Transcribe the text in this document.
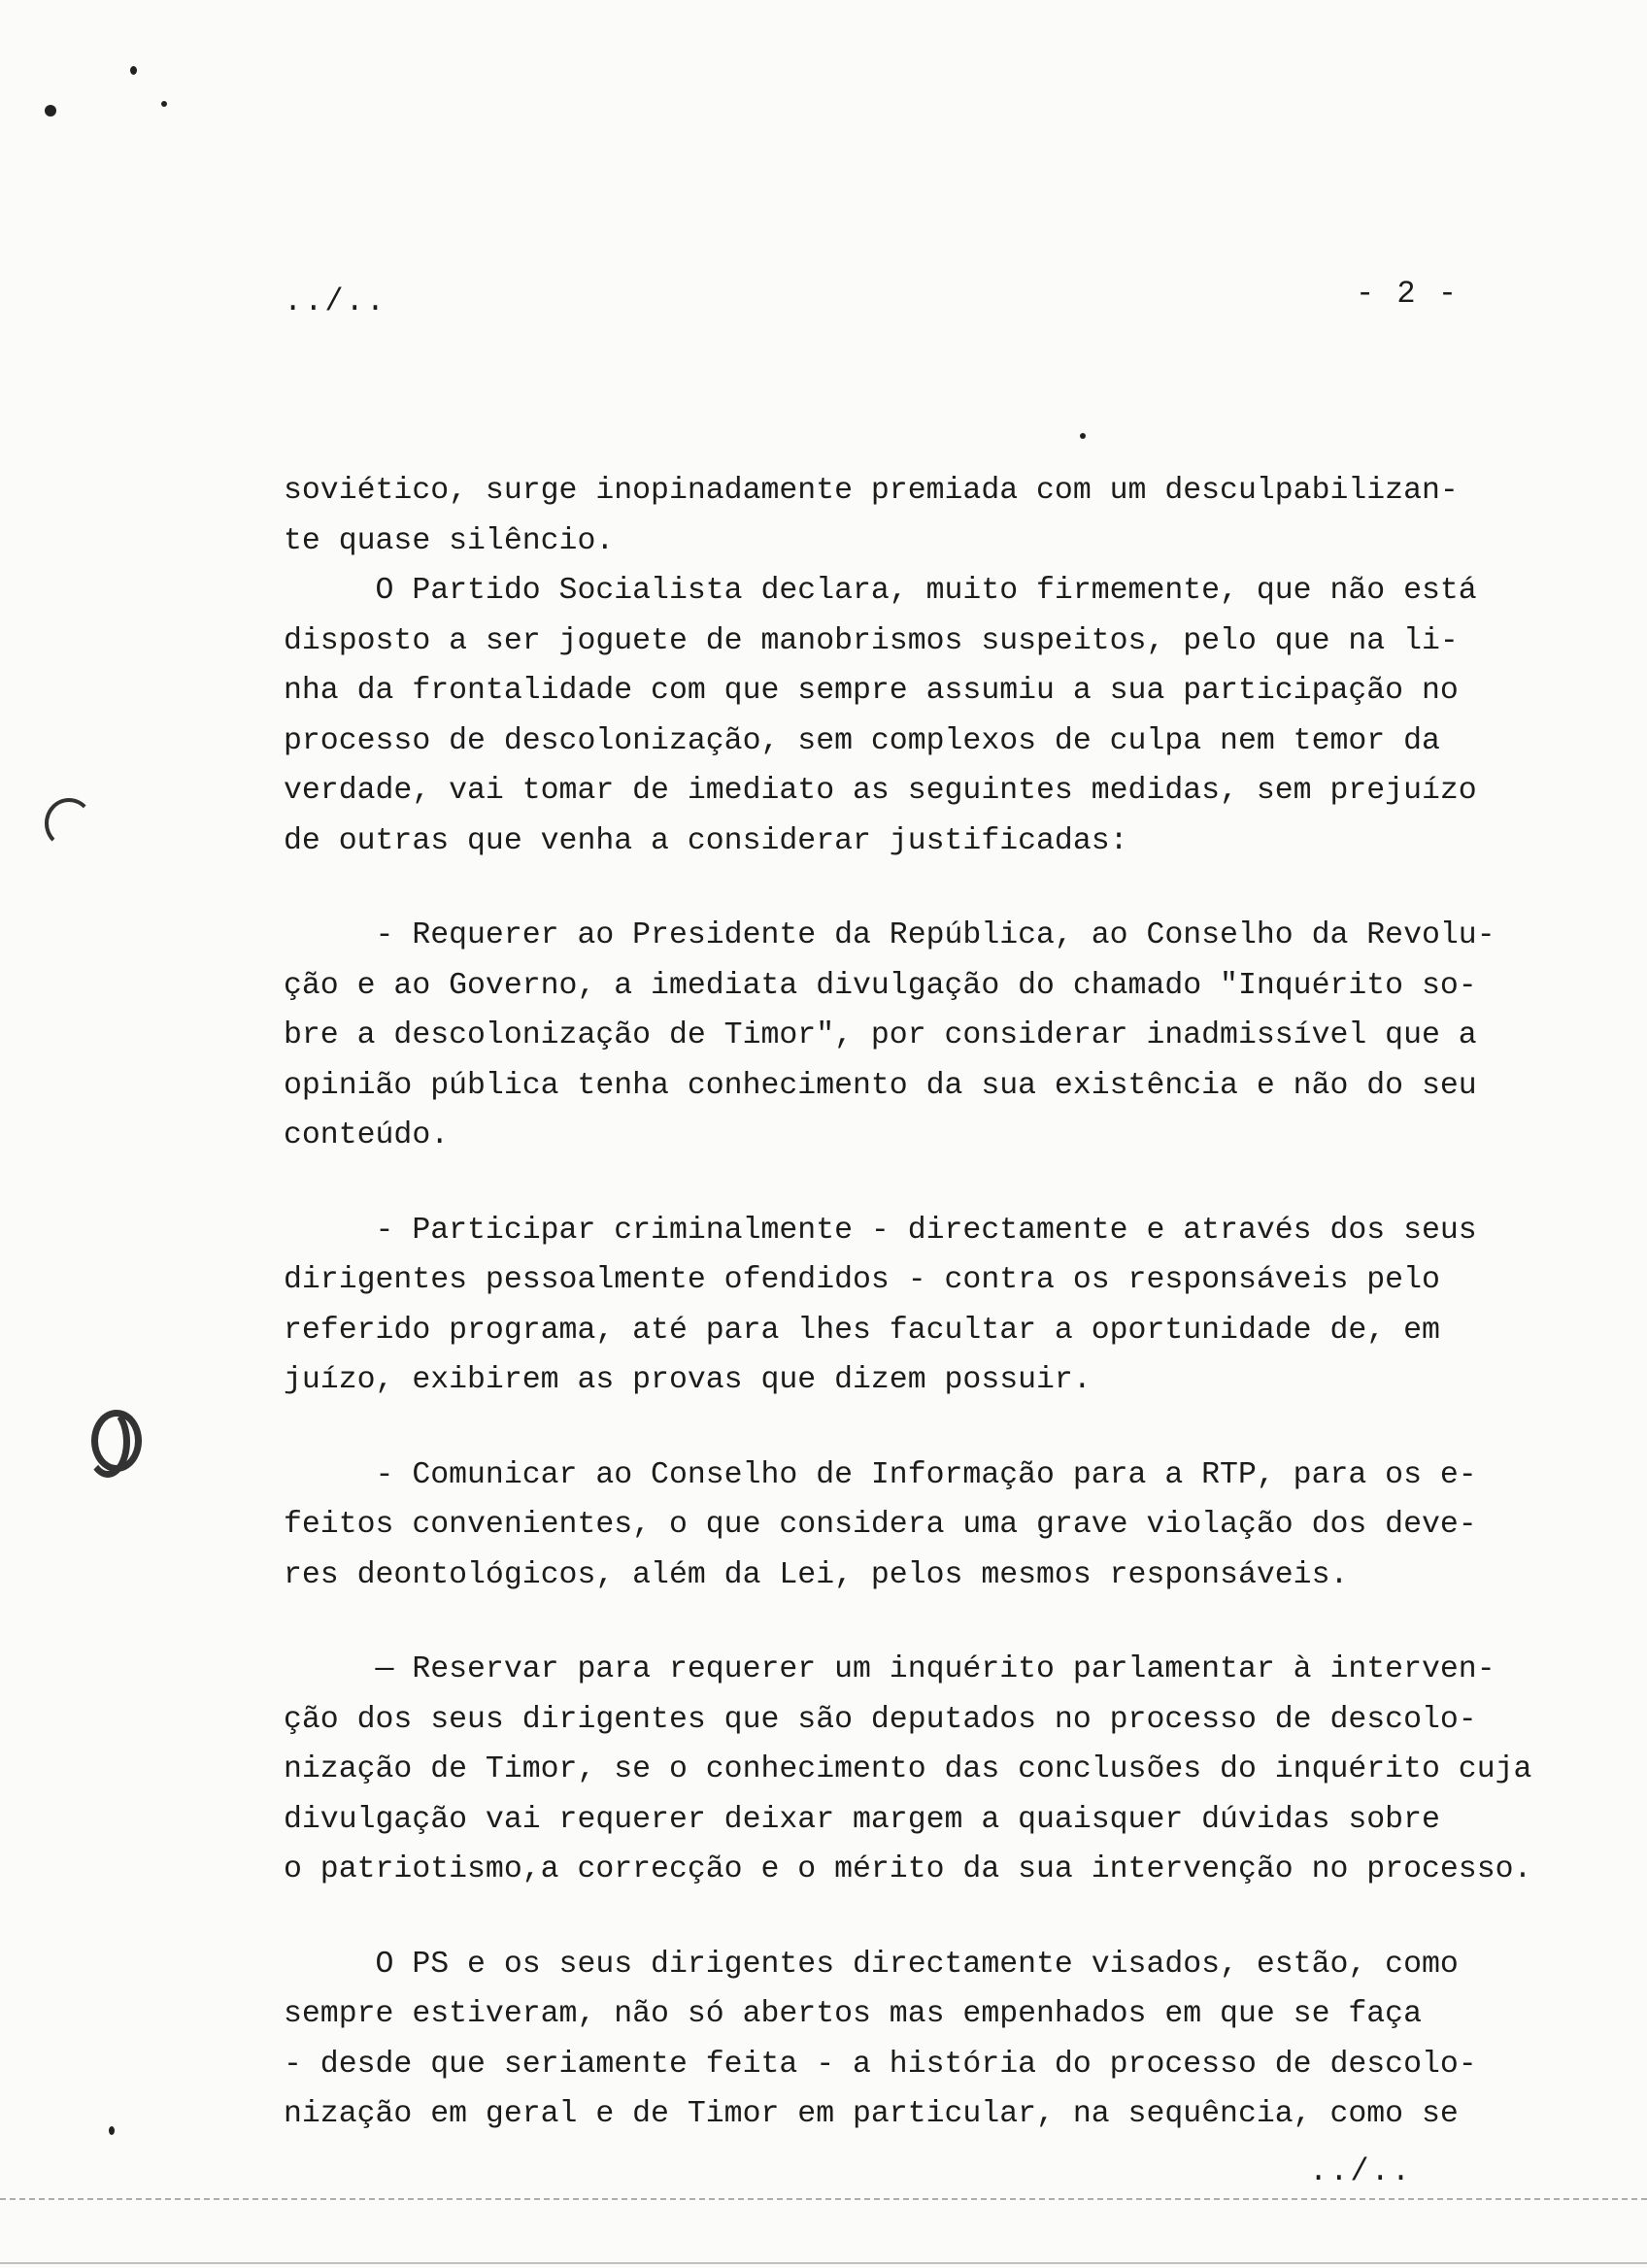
../..	- 2 -
soviético, surge inopinadamente premiada com um desculpabilizan-
te quase silêncio.
O Partido Socialista declara, muito firmemente, que não está
disposto a ser joguete de manobrismos suspeitos, pelo que na li-
nha da frontalidade com que sempre assumiu a sua participação no
processo de descolonização, sem complexos de culpa nem temor da
verdade, vai tomar de imediato as seguintes medidas, sem prejuízo
de outras que venha a considerar justificadas:
- Requerer ao Presidente da República, ao Conselho da Revolu-
ção e ao Governo, a imediata divulgação do chamado "Inquérito so-
bre a descolonização de Timor", por considerar inadmissível que a
opinião pública tenha conhecimento da sua existência e não do seu
conteúdo.
- Participar criminalmente - directamente e através dos seus
dirigentes pessoalmente ofendidos - contra os responsáveis pelo
referido programa, até para lhes facultar a oportunidade de, em
juízo, exibirem as provas que dizem possuir.
- Comunicar ao Conselho de Informação para a RTP, para os e-
feitos convenientes, o que considera uma grave violação dos deve-
res deontológicos, além da Lei, pelos mesmos responsáveis.
— Reservar para requerer um inquérito parlamentar à interven-
ção dos seus dirigentes que são deputados no processo de descolo-
nização de Timor, se o conhecimento das conclusões do inquérito cuja
divulgação vai requerer deixar margem a quaisquer dúvidas sobre
o patriotismo,a correcção e o mérito da sua intervenção no processo.
O PS e os seus dirigentes directamente visados, estão, como
sempre estiveram, não só abertos mas empenhados em que se faça
- desde que seriamente feita - a história do processo de descolo-
nização em geral e de Timor em particular, na sequência, como se
../..
